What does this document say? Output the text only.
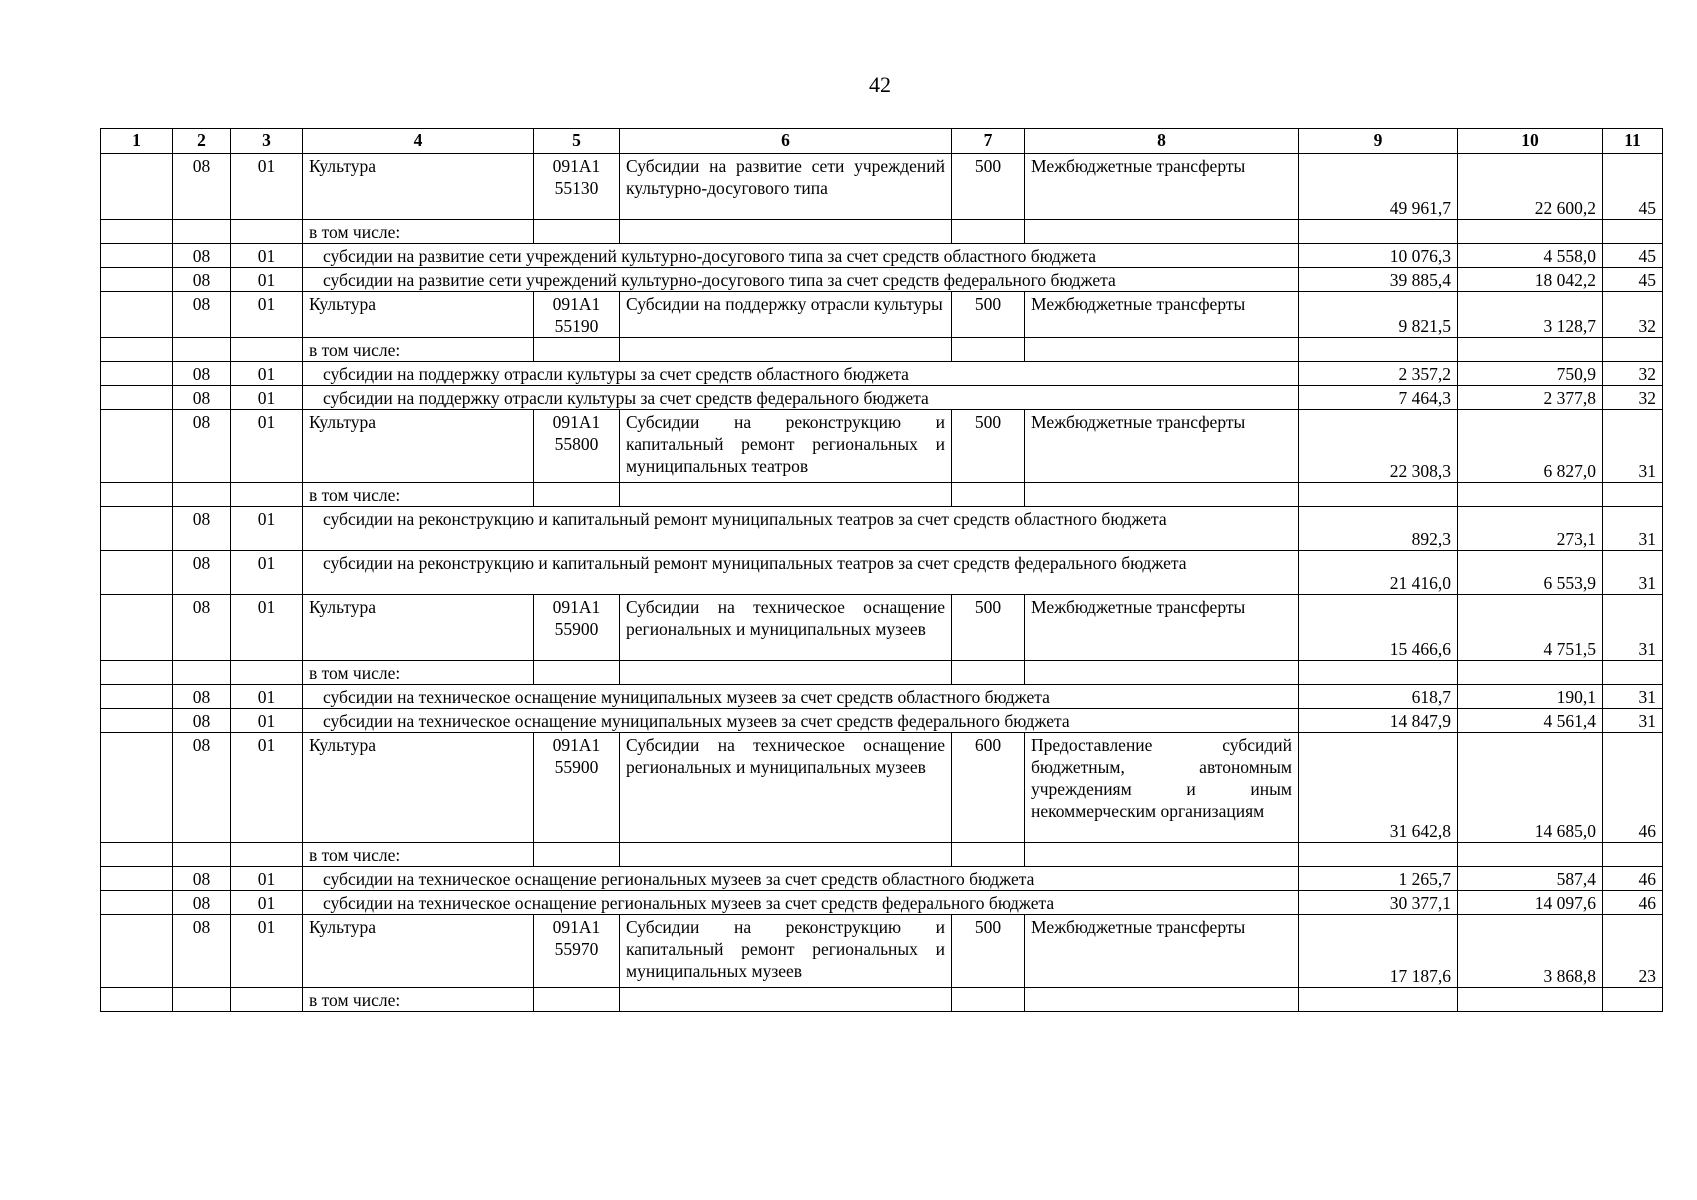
42
1	2	3	4	5	6	7	8	9	10	11
	08	01	Культура	091А1 55130	Субсидии на развитие сети учреждений культурно-досугового типа	500	Межбюджетные трансферты	49 961,7	22 600,2	45
			в том числе:							
	08	01	субсидии на развитие сети учреждений культурно-досугового типа за счет средств областного бюджета					10 076,3	4 558,0	45
	08	01	субсидии на развитие сети учреждений культурно-досугового типа за счет средств федерального бюджета					39 885,4	18 042,2	45
	08	01	Культура	091А1 55190	Субсидии на поддержку отрасли культуры	500	Межбюджетные трансферты	9 821,5	3 128,7	32
			в том числе:							
	08	01	субсидии на поддержку отрасли культуры за счет средств областного бюджета					2 357,2	750,9	32
	08	01	субсидии на поддержку отрасли культуры за счет средств федерального бюджета					7 464,3	2 377,8	32
	08	01	Культура	091А1 55800	Субсидии на реконструкцию и капитальный ремонт региональных и муниципальных театров	500	Межбюджетные трансферты	22 308,3	6 827,0	31
			в том числе:							
	08	01	субсидии на реконструкцию и капитальный ремонт муниципальных театров за счет средств областного бюджета					892,3	273,1	31
	08	01	субсидии на реконструкцию и капитальный ремонт муниципальных театров за счет средств федерального бюджета					21 416,0	6 553,9	31
	08	01	Культура	091А1 55900	Субсидии на техническое оснащение региональных и муниципальных музеев	500	Межбюджетные трансферты	15 466,6	4 751,5	31
			в том числе:							
	08	01	субсидии на техническое оснащение муниципальных музеев за счет средств областного бюджета					618,7	190,1	31
	08	01	субсидии на техническое оснащение муниципальных музеев за счет средств федерального бюджета					14 847,9	4 561,4	31
	08	01	Культура	091А1 55900	Субсидии на техническое оснащение региональных и муниципальных музеев	600	Предоставление субсидий бюджетным, автономным учреждениям и иным некоммерческим организациям	31 642,8	14 685,0	46
			в том числе:							
	08	01	субсидии на техническое оснащение региональных музеев за счет средств областного бюджета					1 265,7	587,4	46
	08	01	субсидии на техническое оснащение региональных музеев за счет средств федерального бюджета					30 377,1	14 097,6	46
	08	01	Культура	091А1 55970	Субсидии на реконструкцию и капитальный ремонт региональных и муниципальных музеев	500	Межбюджетные трансферты	17 187,6	3 868,8	23
			в том числе:							
